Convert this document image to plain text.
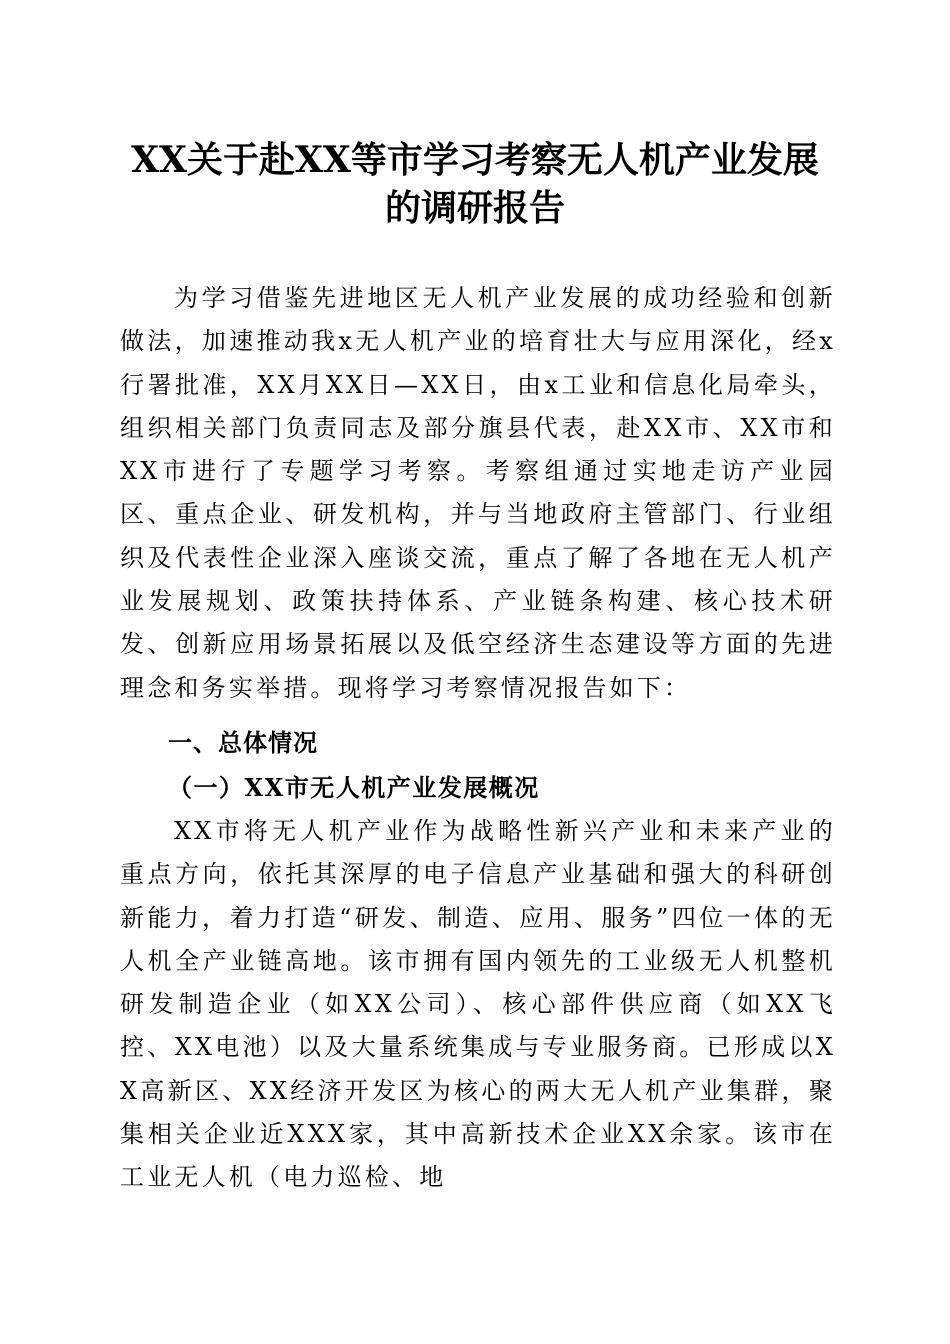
XX关于赴XX等市学习考察无人机产业发展
的调研报告

为学习借鉴先进地区无人机产业发展的成功经验和创新做法，加速推动我x无人机产业的培育壮大与应用深化，经x行署批准，XX月XX日—XX日，由x工业和信息化局牵头，组织相关部门负责同志及部分旗县代表，赴XX市、XX市和XX市进行了专题学习考察。考察组通过实地走访产业园区、重点企业、研发机构，并与当地政府主管部门、行业组织及代表性企业深入座谈交流，重点了解了各地在无人机产业发展规划、政策扶持体系、产业链条构建、核心技术研发、创新应用场景拓展以及低空经济生态建设等方面的先进理念和务实举措。现将学习考察情况报告如下：

一、总体情况
（一）XX市无人机产业发展概况

XX市将无人机产业作为战略性新兴产业和未来产业的重点方向，依托其深厚的电子信息产业基础和强大的科研创新能力，着力打造“研发、制造、应用、服务”四位一体的无人机全产业链高地。该市拥有国内领先的工业级无人机整机研发制造企业（如XX公司）、核心部件供应商（如XX飞控、XX电池）以及大量系统集成与专业服务商。已形成以XX高新区、XX经济开发区为核心的两大无人机产业集群，聚集相关企业近XXX家，其中高新技术企业XX余家。该市在工业无人机（电力巡检、地
